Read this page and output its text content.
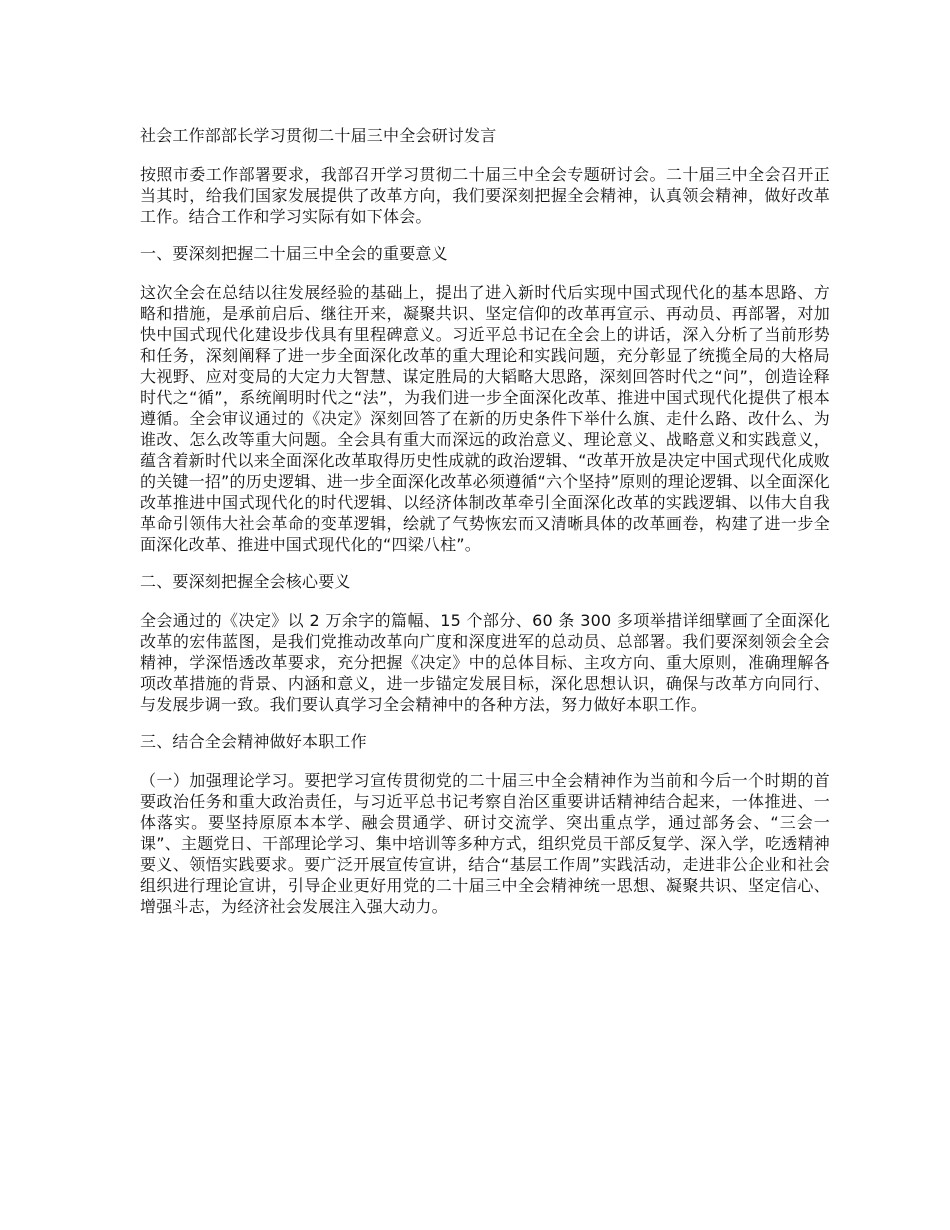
社会工作部部长学习贯彻二十届三中全会研讨发言

按照市委工作部署要求，我部召开学习贯彻二十届三中全会专题研讨会。二十届三中全会召开正当其时，给我们国家发展提供了改革方向，我们要深刻把握全会精神，认真领会精神，做好改革工作。结合工作和学习实际有如下体会。

一、要深刻把握二十届三中全会的重要意义

这次全会在总结以往发展经验的基础上，提出了进入新时代后实现中国式现代化的基本思路、方略和措施，是承前启后、继往开来，凝聚共识、坚定信仰的改革再宣示、再动员、再部署，对加快中国式现代化建设步伐具有里程碑意义。习近平总书记在全会上的讲话，深入分析了当前形势和任务，深刻阐释了进一步全面深化改革的重大理论和实践问题，充分彰显了统揽全局的大格局大视野、应对变局的大定力大智慧、谋定胜局的大韬略大思路，深刻回答时代之“问”，创造诠释时代之“循”，系统阐明时代之“法”，为我们进一步全面深化改革、推进中国式现代化提供了根本遵循。全会审议通过的《决定》深刻回答了在新的历史条件下举什么旗、走什么路、改什么、为谁改、怎么改等重大问题。全会具有重大而深远的政治意义、理论意义、战略意义和实践意义，蕴含着新时代以来全面深化改革取得历史性成就的政治逻辑、“改革开放是决定中国式现代化成败的关键一招”的历史逻辑、进一步全面深化改革必须遵循“六个坚持”原则的理论逻辑、以全面深化改革推进中国式现代化的时代逻辑、以经济体制改革牵引全面深化改革的实践逻辑、以伟大自我革命引领伟大社会革命的变革逻辑，绘就了气势恢宏而又清晰具体的改革画卷，构建了进一步全面深化改革、推进中国式现代化的“四梁八柱”。

二、要深刻把握全会核心要义

全会通过的《决定》以 2 万余字的篇幅、15 个部分、60 条 300 多项举措详细擘画了全面深化改革的宏伟蓝图，是我们党推动改革向广度和深度进军的总动员、总部署。我们要深刻领会全会精神，学深悟透改革要求，充分把握《决定》中的总体目标、主攻方向、重大原则，准确理解各项改革措施的背景、内涵和意义，进一步锚定发展目标，深化思想认识，确保与改革方向同行、与发展步调一致。我们要认真学习全会精神中的各种方法，努力做好本职工作。

三、结合全会精神做好本职工作

（一）加强理论学习。要把学习宣传贯彻党的二十届三中全会精神作为当前和今后一个时期的首要政治任务和重大政治责任，与习近平总书记考察自治区重要讲话精神结合起来，一体推进、一体落实。要坚持原原本本学、融会贯通学、研讨交流学、突出重点学，通过部务会、“三会一课”、主题党日、干部理论学习、集中培训等多种方式，组织党员干部反复学、深入学，吃透精神要义、领悟实践要求。要广泛开展宣传宣讲，结合“基层工作周”实践活动，走进非公企业和社会组织进行理论宣讲，引导企业更好用党的二十届三中全会精神统一思想、凝聚共识、坚定信心、增强斗志，为经济社会发展注入强大动力。
